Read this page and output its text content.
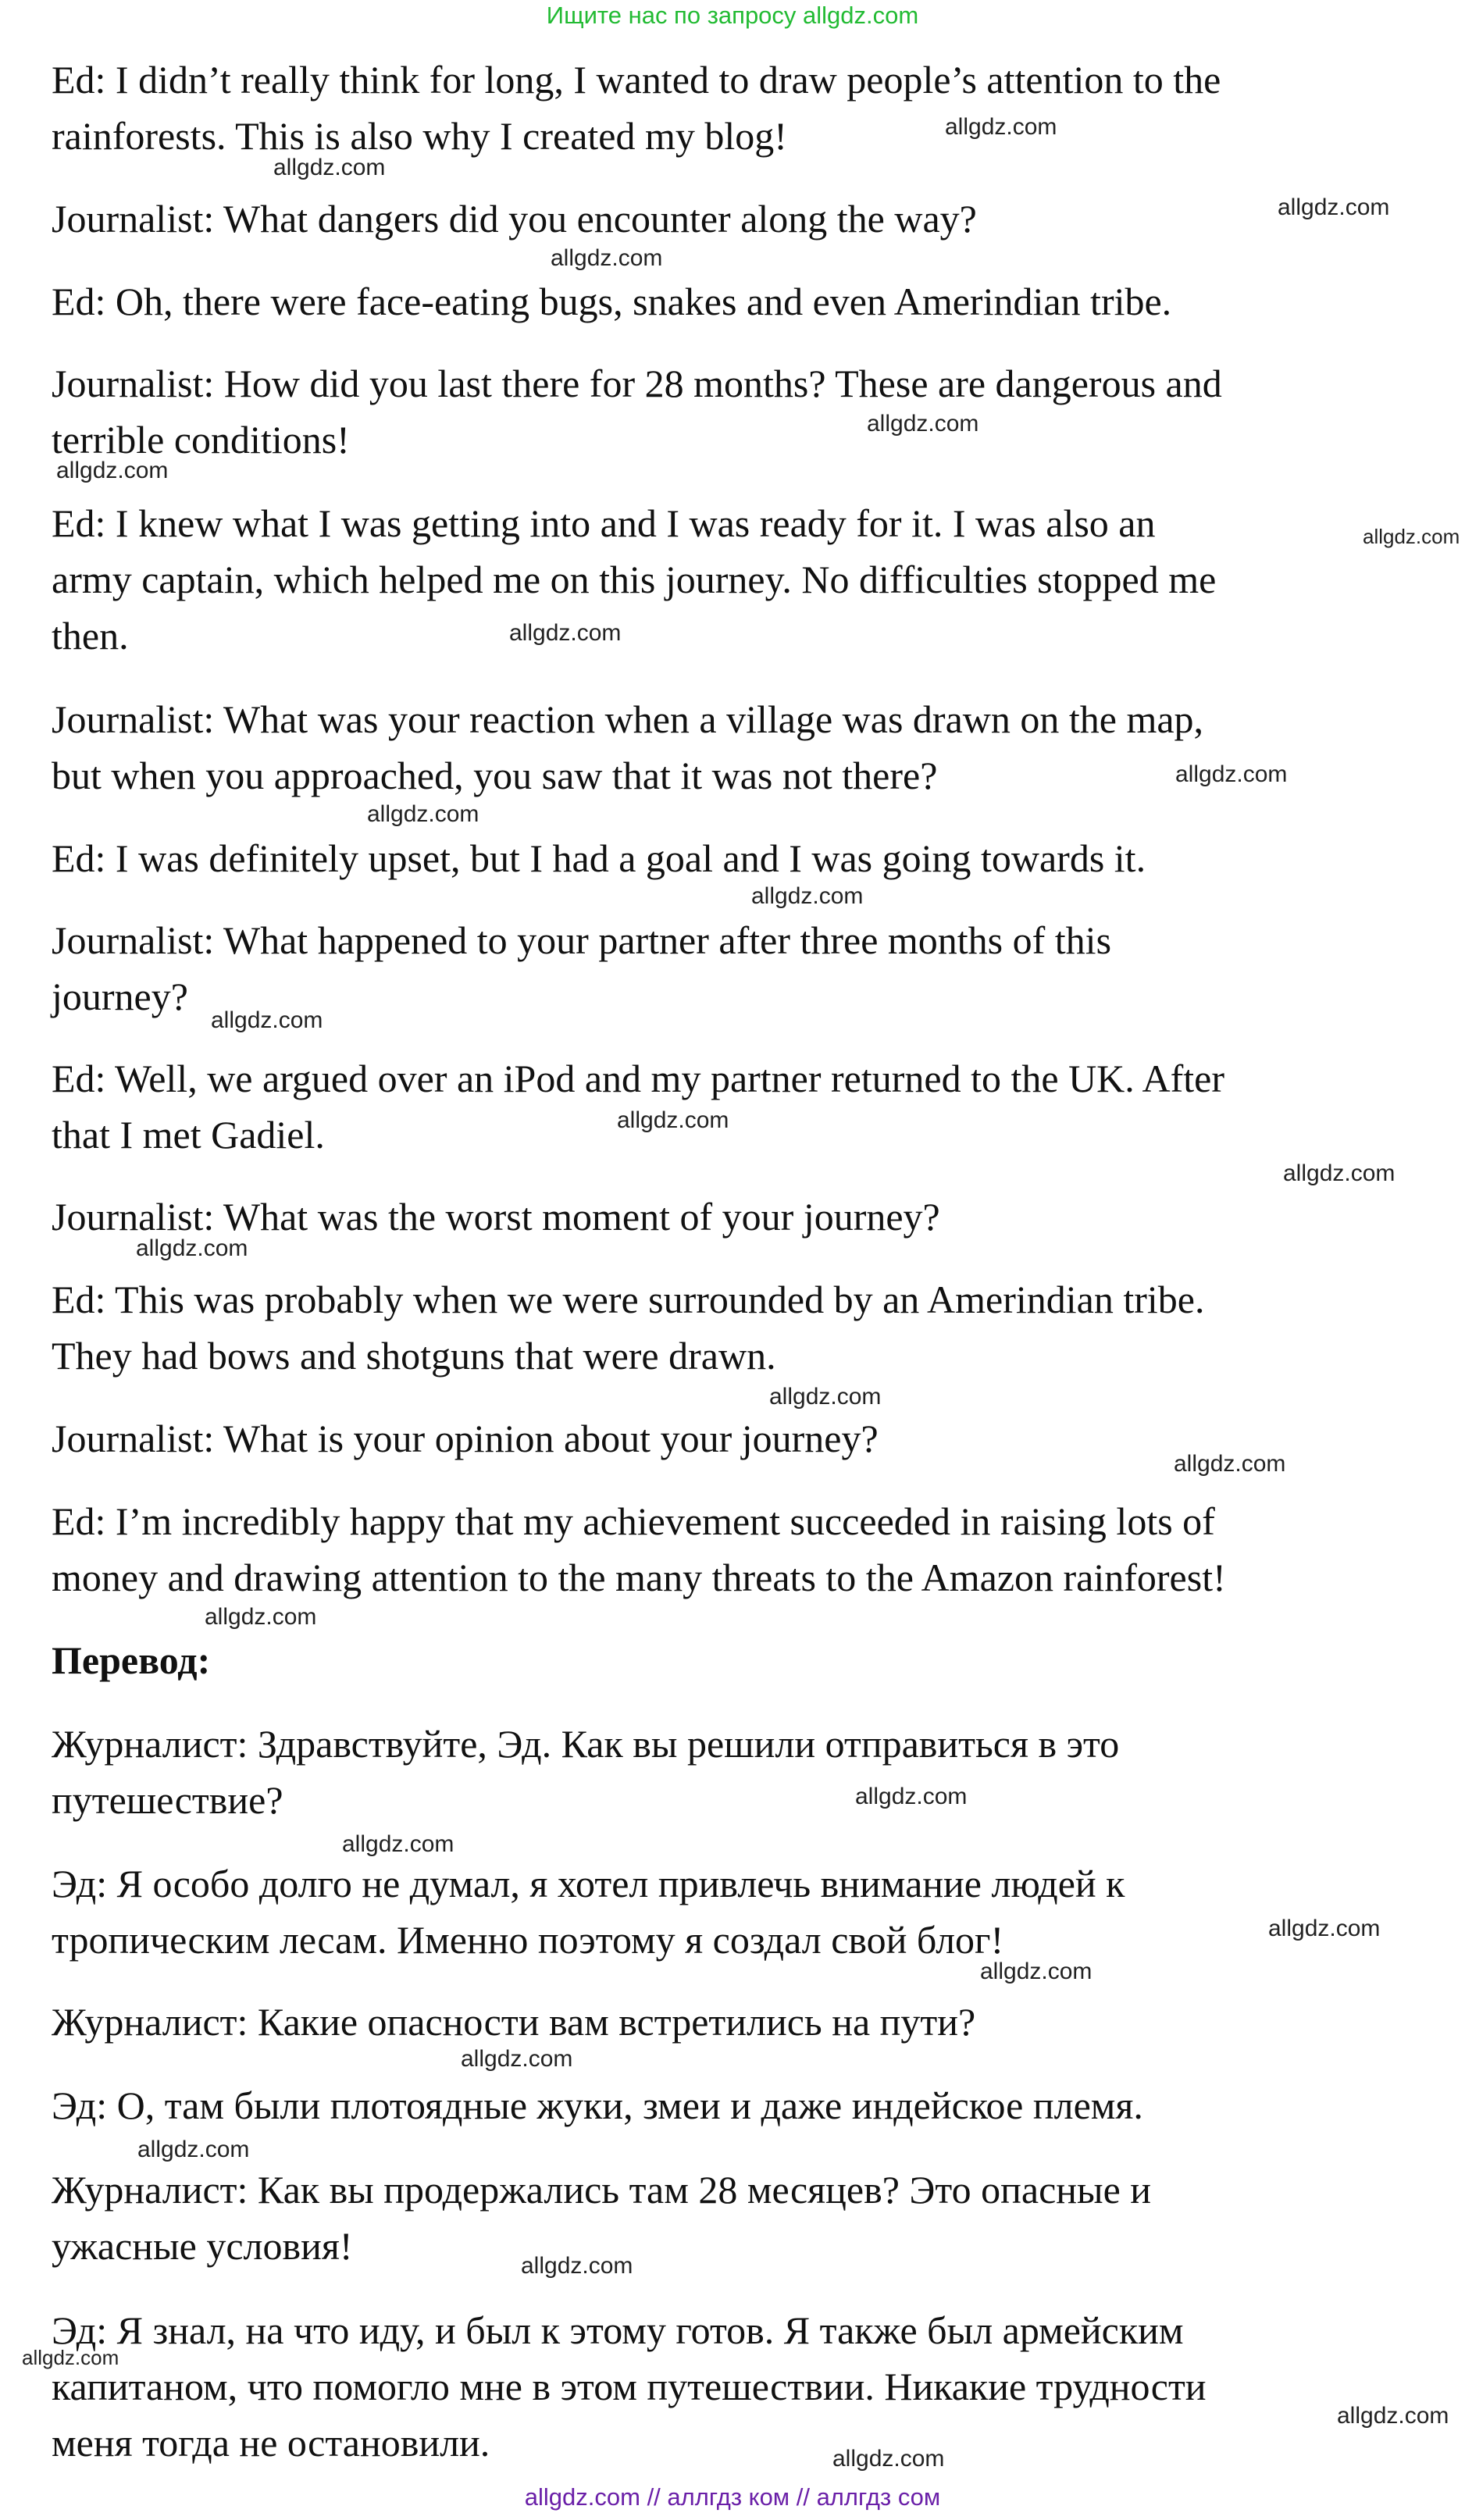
Ищите нас по запросу allgdz.com
Ed: I didn’t really think for long, I wanted to draw people’s attention to the
rainforests. This is also why I created my blog!
Journalist: What dangers did you encounter along the way?
Ed: Oh, there were face-eating bugs, snakes and even Amerindian tribe.
Journalist: How did you last there for 28 months? These are dangerous and
terrible conditions!
Ed: I knew what I was getting into and I was ready for it. I was also an
army captain, which helped me on this journey. No difficulties stopped me
then.
Journalist: What was your reaction when a village was drawn on the map,
but when you approached, you saw that it was not there?
Ed: I was definitely upset, but I had a goal and I was going towards it.
Journalist: What happened to your partner after three months of this
journey?
Ed: Well, we argued over an iPod and my partner returned to the UK. After
that I met Gadiel.
Journalist: What was the worst moment of your journey?
Ed: This was probably when we were surrounded by an Amerindian tribe.
They had bows and shotguns that were drawn.
Journalist: What is your opinion about your journey?
Ed: I’m incredibly happy that my achievement succeeded in raising lots of
money and drawing attention to the many threats to the Amazon rainforest!
Перевод:
Журналист: Здравствуйте, Эд. Как вы решили отправиться в это
путешествие?
Эд: Я особо долго не думал, я хотел привлечь внимание людей к
тропическим лесам. Именно поэтому я создал свой блог!
Журналист: Какие опасности вам встретились на пути?
Эд: О, там были плотоядные жуки, змеи и даже индейское племя.
Журналист: Как вы продержались там 28 месяцев? Это опасные и
ужасные условия!
Эд: Я знал, на что иду, и был к этому готов. Я также был армейским
капитаном, что помогло мне в этом путешествии. Никакие трудности
меня тогда не остановили.
allgdz.com
allgdz.com
allgdz.com
allgdz.com
allgdz.com
allgdz.com
allgdz.com
allgdz.com
allgdz.com
allgdz.com
allgdz.com
allgdz.com
allgdz.com
allgdz.com
allgdz.com
allgdz.com
allgdz.com
allgdz.com
allgdz.com
allgdz.com
allgdz.com
allgdz.com
allgdz.com
allgdz.com
allgdz.com
allgdz.com
allgdz.com
allgdz.com
allgdz.com // аллгдз ком // аллгдз сом
